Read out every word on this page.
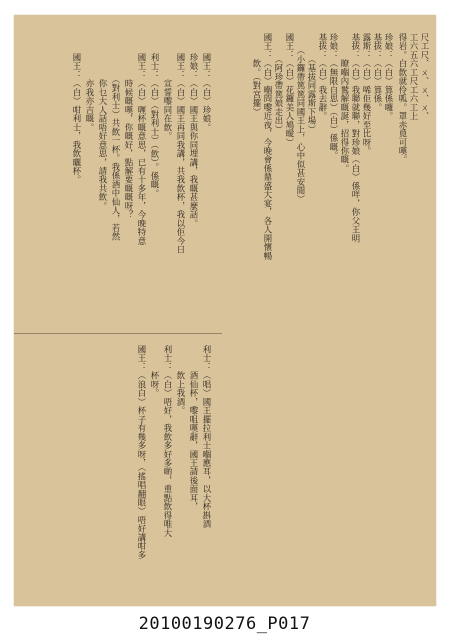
尺工尺、ㄨ、ㄨ、ㄨ、
工六五六工尺工六工上
得岩。白飲就伶呱。罩赤覓可嘆。
珍娘：（白）算係囉。
基拔：（白）算係。
露斯：（白）唏佢幾好至比呀。
基拔：（白）我聯就聯，對珍娘（白）係咩，你父王明
　　　瞭嗰內鷲解嘅誕，招得你嘅。
珍娘：（無限自思）（白）係嘅。
基拔：（白）我去辭。
　　　（基拔同露斯下場）
　　（小鑼帶篤篤同國王上，心中似甚安閒）
國王：（白）花鑼美人鳩曖）
　　　（阿珍帶篤娘走出）
國王：（白）嗰問嚟近夜，今晚會係鼎盛大宴，各人開懷暢
　　　飲。（對宮擺）
國王：（白）珍娘。
珍娘：（白）國王與你同埋講，我嘅甚麼話。
國王：（白）國王再同我講，共我飲杯，我以佢今日
　　　宣誓嚟同在飲。
利士：（白）（對利士）（飲）。係嘅。
國王：（白）喱杯嘅意思，已有十多年，今晚特意
　　　時候嘅嘆，你嘅好，點解要嘅嘅呀？
　　　（對利士）共飲一杯。我係酒中仙人，若然
　　　你乜大人話唔好意思，請我共飲。
　　　亦我亦吉嘅。
國王：（白）咁利士，我飲曬杯。
利士：（唱）國王擺拉利士嗰應耳，以大杯斟酒
　　　酒仙杯，嚟咀嘆辭，國王請後面耳，
　　　飲上我酒。
利士：（白）唔好，我飲多好多啲，重點飲得唯大
　　　杯呀。
國王：（浪白）杯子有幾多呀，（搖唱翻眼）唔好講咁多
20100190276_P017
